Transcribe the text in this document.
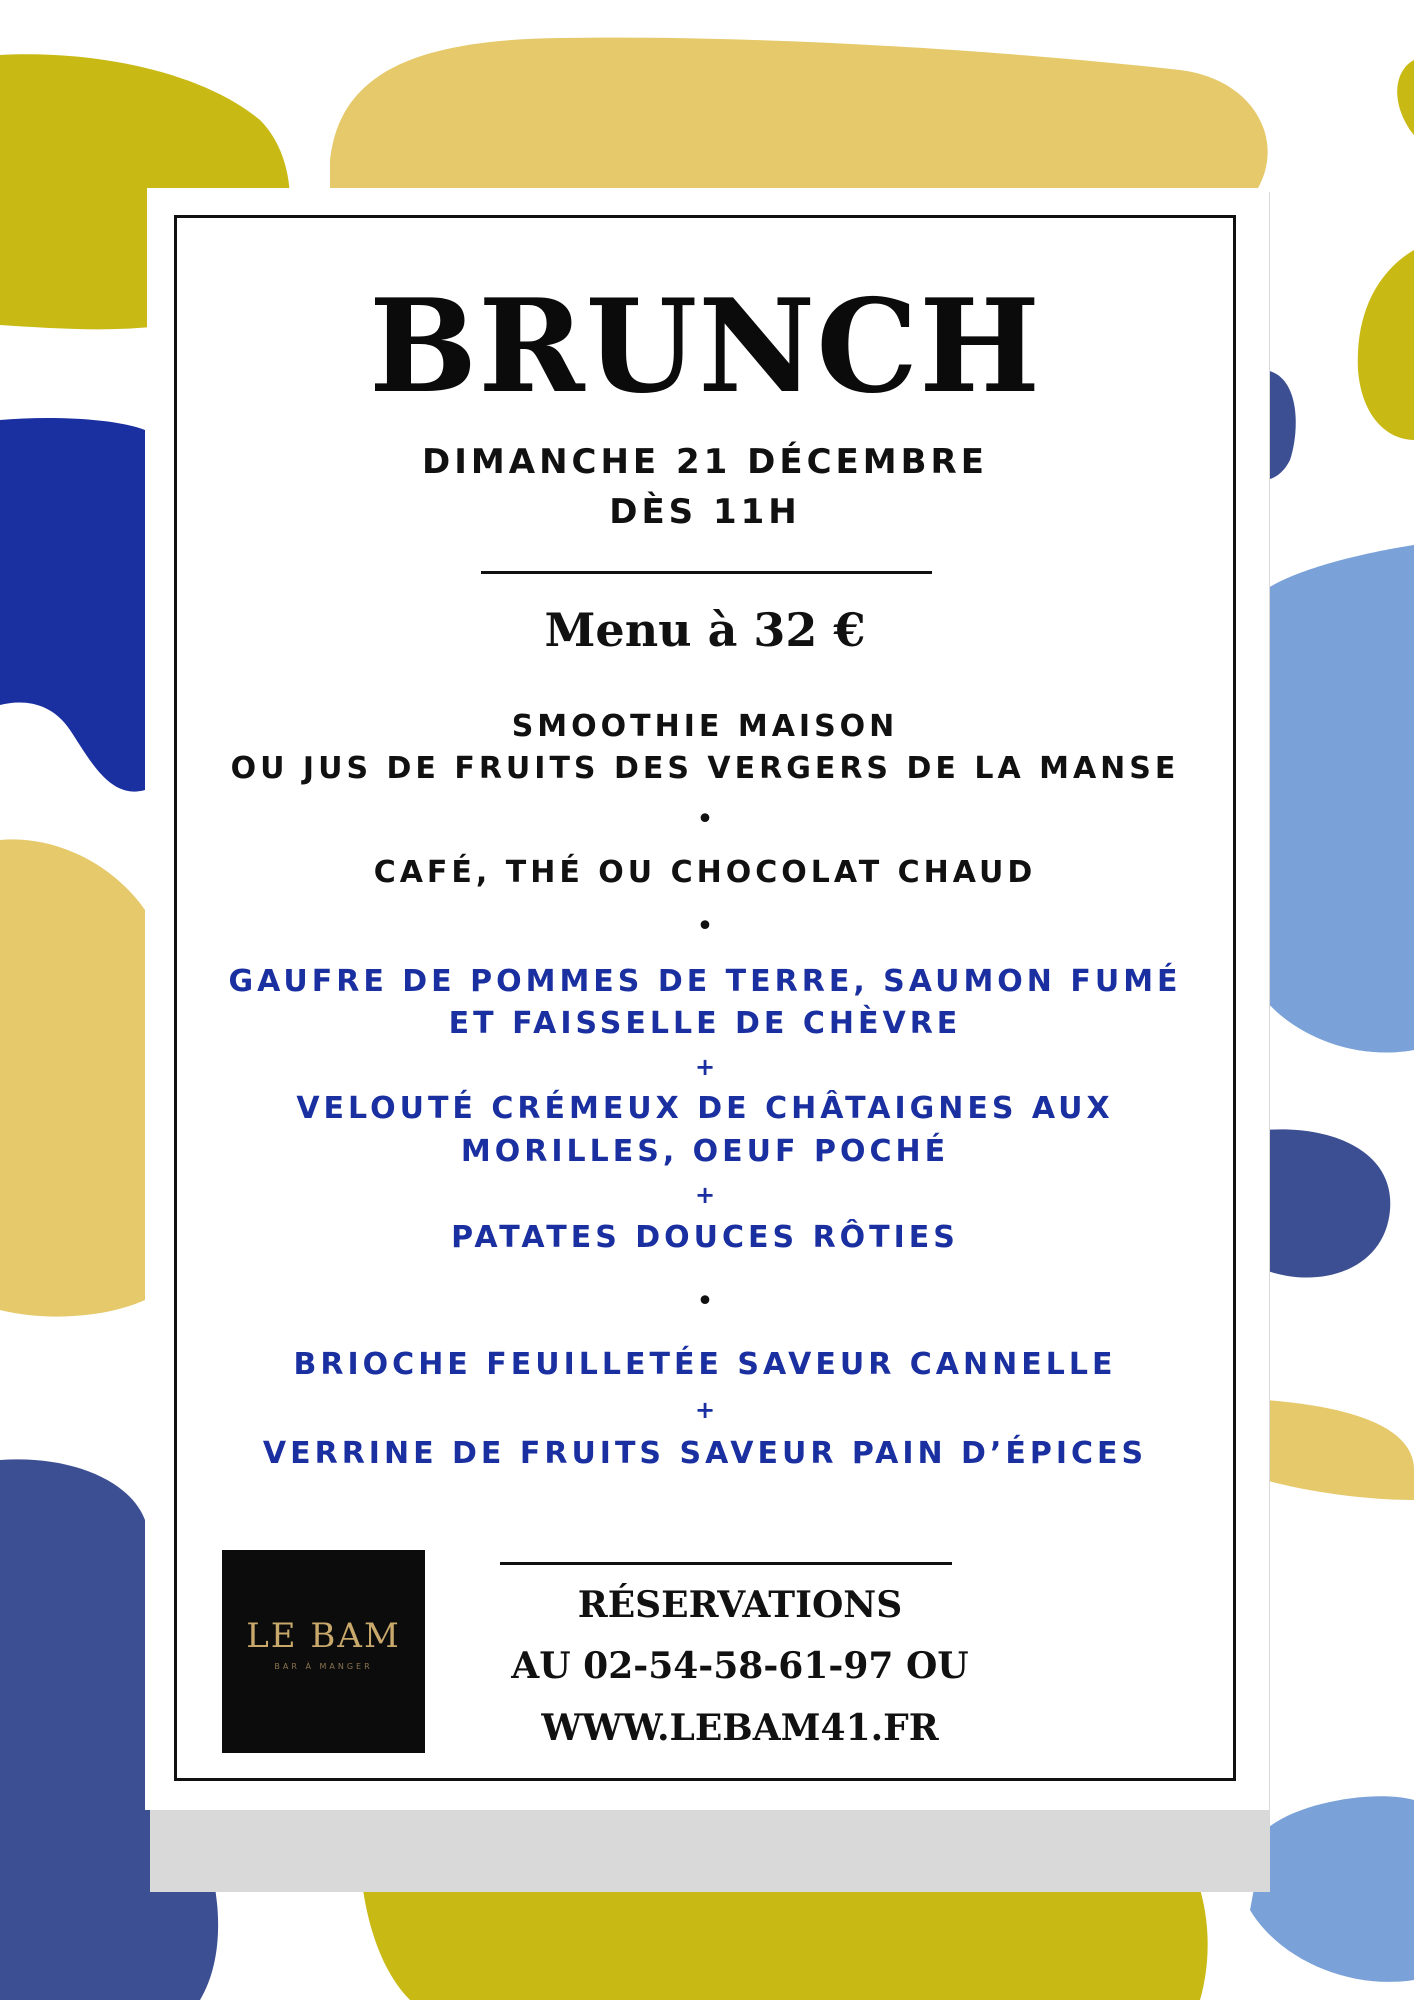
BRUNCH

DIMANCHE 21 DÉCEMBRE

DÈS 11H

Menu à 32 €

SMOOTHIE MAISON

OU JUS DE FRUITS DES VERGERS DE LA MANSE

•

CAFÉ, THÉ OU CHOCOLAT CHAUD

•

GAUFRE DE POMMES DE TERRE, SAUMON FUMÉ

ET FAISSELLE DE CHÈVRE

+

VELOUTÉ CRÉMEUX DE CHÂTAIGNES AUX

MORILLES, OEUF POCHÉ

+

PATATES DOUCES RÔTIES

•

BRIOCHE FEUILLETÉE SAVEUR CANNELLE

+

VERRINE DE FRUITS SAVEUR PAIN D’ÉPICES

LE BAM
BAR À MANGER

RÉSERVATIONS

AU 02-54-58-61-97 OU

WWW.LEBAM41.FR
